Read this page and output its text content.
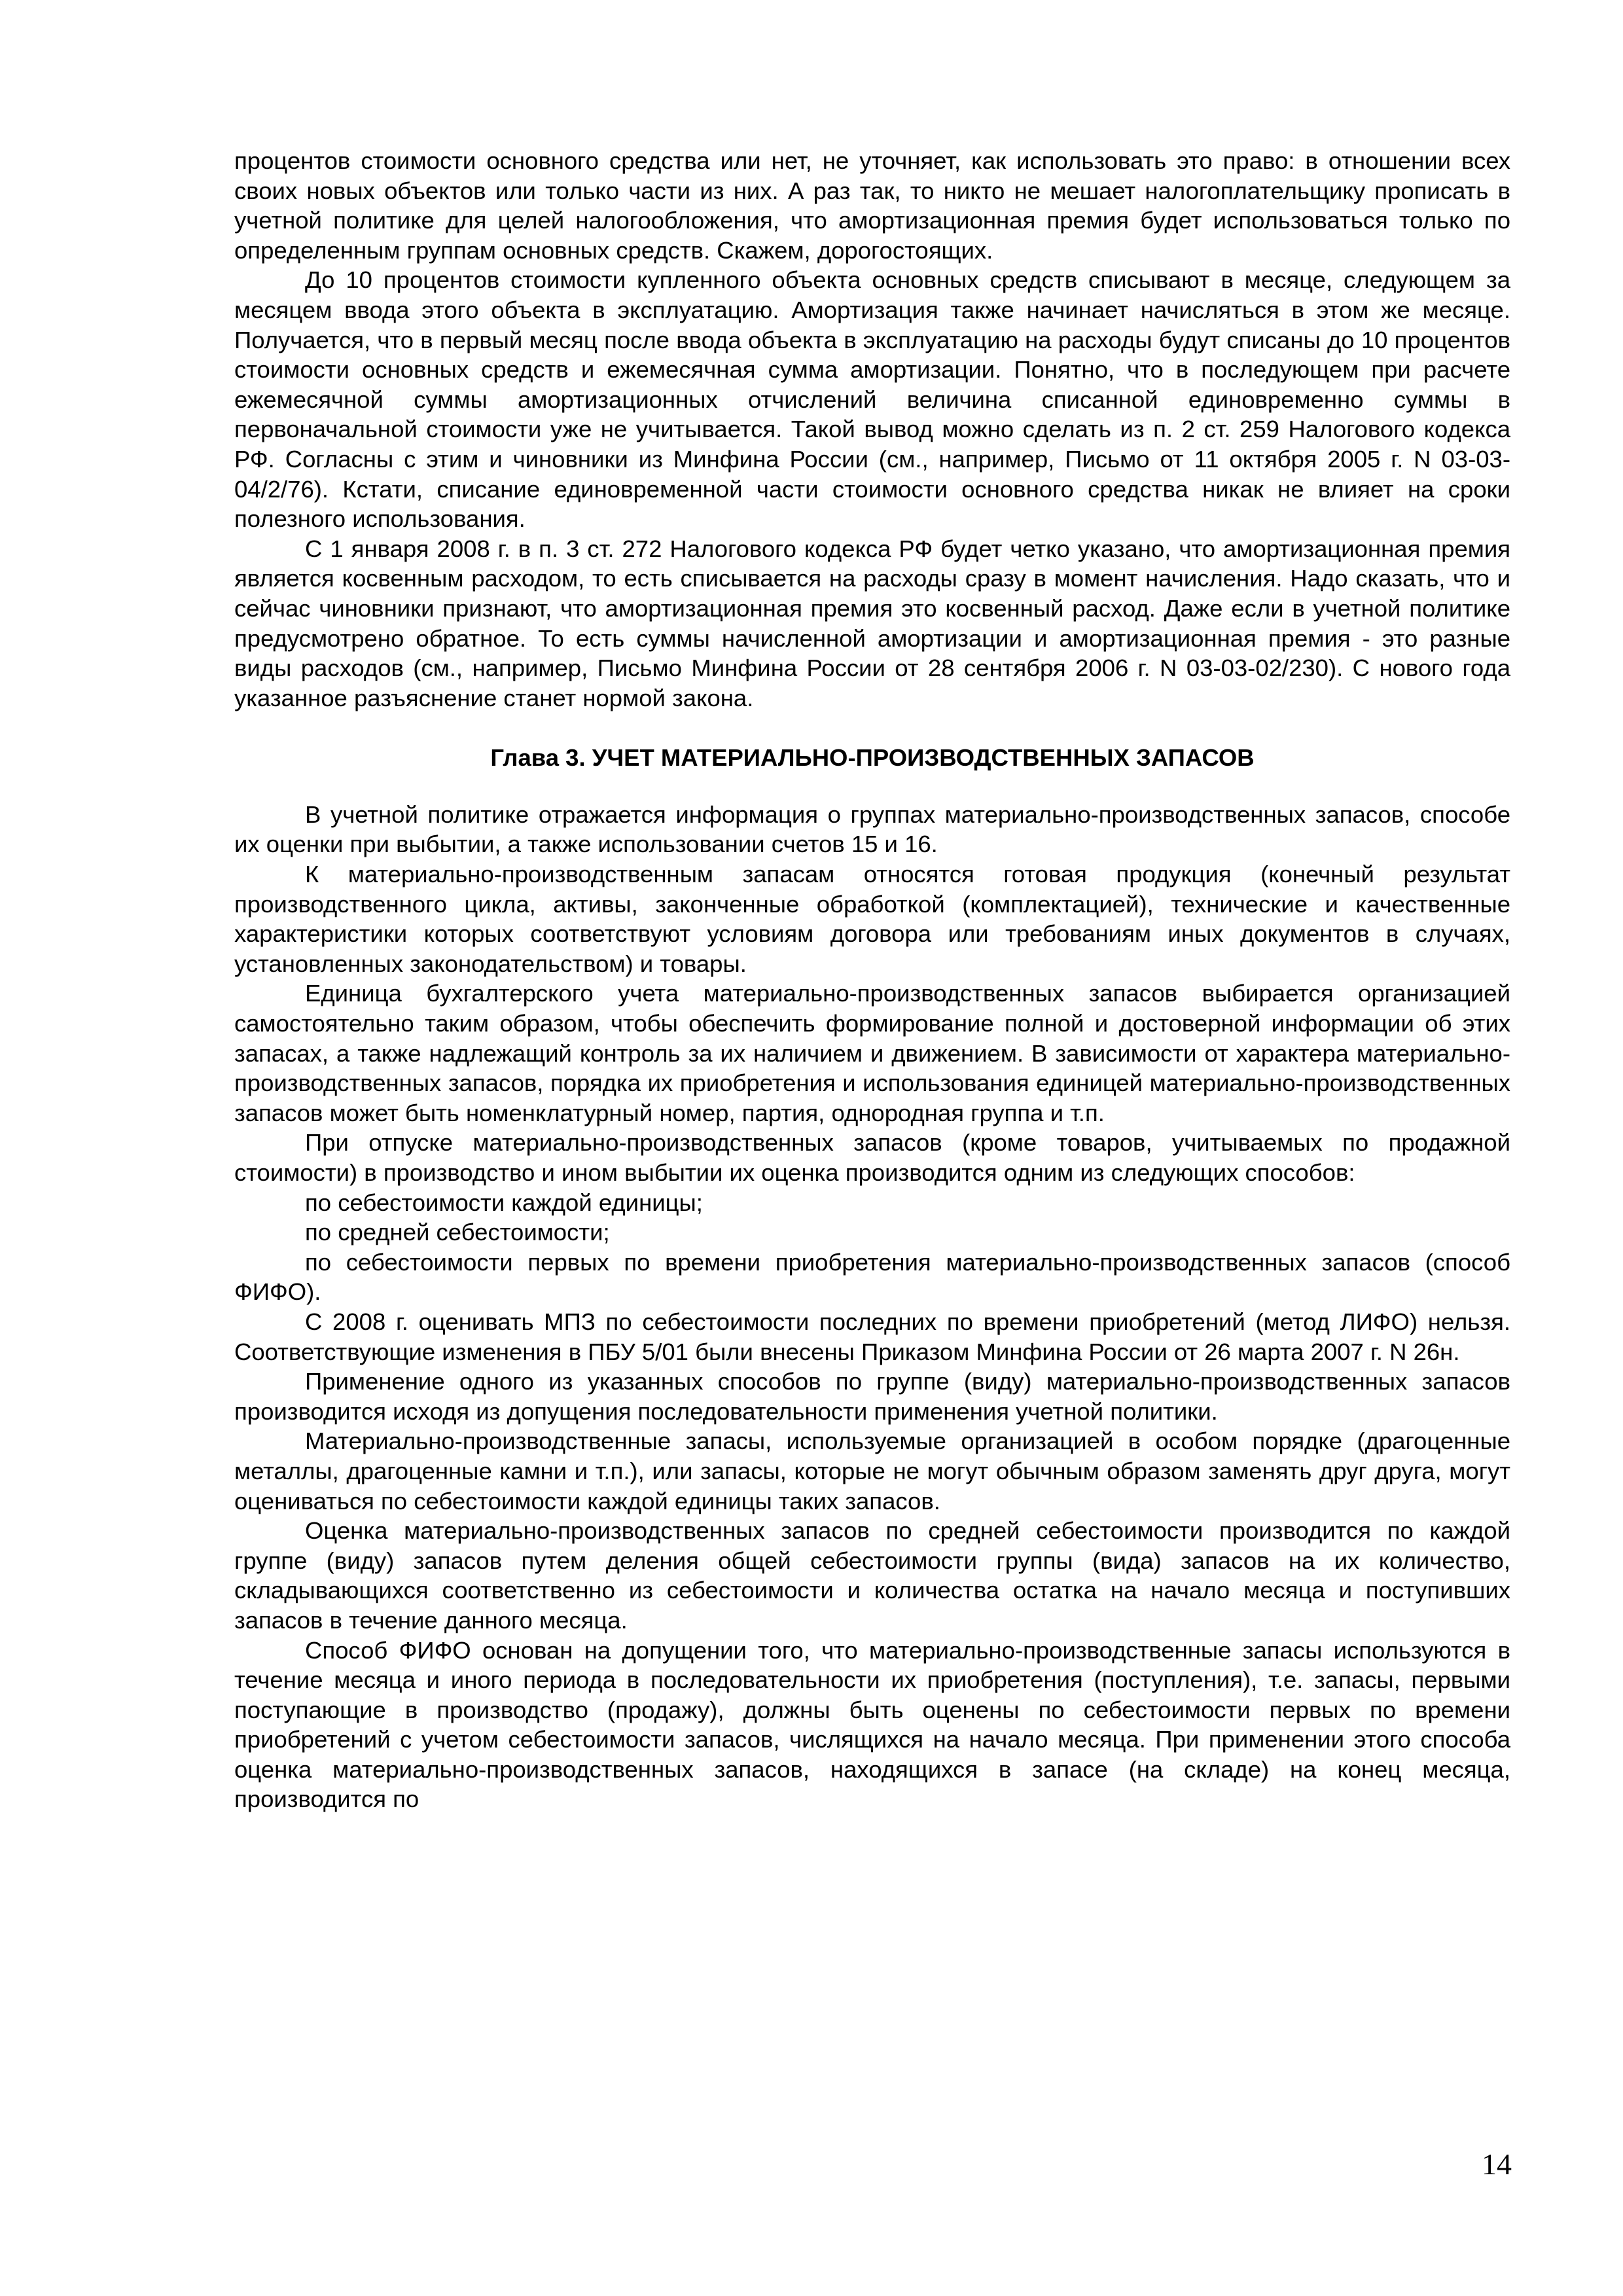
процентов стоимости основного средства или нет, не уточняет, как использовать это право: в отношении всех своих новых объектов или только части из них. А раз так, то никто не мешает налогоплательщику прописать в учетной политике для целей налогообложения, что амортизационная премия будет использоваться только по определенным группам основных средств. Скажем, дорогостоящих.

До 10 процентов стоимости купленного объекта основных средств списывают в месяце, следующем за месяцем ввода этого объекта в эксплуатацию. Амортизация также начинает начисляться в этом же месяце. Получается, что в первый месяц после ввода объекта в эксплуатацию на расходы будут списаны до 10 процентов стоимости основных средств и ежемесячная сумма амортизации. Понятно, что в последующем при расчете ежемесячной суммы амортизационных отчислений величина списанной единовременно суммы в первоначальной стоимости уже не учитывается. Такой вывод можно сделать из п. 2 ст. 259 Налогового кодекса РФ. Согласны с этим и чиновники из Минфина России (см., например, Письмо от 11 октября 2005 г. N 03-03-04/2/76). Кстати, списание единовременной части стоимости основного средства никак не влияет на сроки полезного использования.

С 1 января 2008 г. в п. 3 ст. 272 Налогового кодекса РФ будет четко указано, что амортизационная премия является косвенным расходом, то есть списывается на расходы сразу в момент начисления. Надо сказать, что и сейчас чиновники признают, что амортизационная премия это косвенный расход. Даже если в учетной политике предусмотрено обратное. То есть суммы начисленной амортизации и амортизационная премия - это разные виды расходов (см., например, Письмо Минфина России от 28 сентября 2006 г. N 03-03-02/230). С нового года указанное разъяснение станет нормой закона.

Глава 3. УЧЕТ МАТЕРИАЛЬНО-ПРОИЗВОДСТВЕННЫХ ЗАПАСОВ

В учетной политике отражается информация о группах материально-производственных запасов, способе их оценки при выбытии, а также использовании счетов 15 и 16.

К материально-производственным запасам относятся готовая продукция (конечный результат производственного цикла, активы, законченные обработкой (комплектацией), технические и качественные характеристики которых соответствуют условиям договора или требованиям иных документов в случаях, установленных законодательством) и товары.

Единица бухгалтерского учета материально-производственных запасов выбирается организацией самостоятельно таким образом, чтобы обеспечить формирование полной и достоверной информации об этих запасах, а также надлежащий контроль за их наличием и движением. В зависимости от характера материально-производственных запасов, порядка их приобретения и использования единицей материально-производственных запасов может быть номенклатурный номер, партия, однородная группа и т.п.

При отпуске материально-производственных запасов (кроме товаров, учитываемых по продажной стоимости) в производство и ином выбытии их оценка производится одним из следующих способов:

по себестоимости каждой единицы;

по средней себестоимости;

по себестоимости первых по времени приобретения материально-производственных запасов (способ ФИФО).

С 2008 г. оценивать МПЗ по себестоимости последних по времени приобретений (метод ЛИФО) нельзя. Соответствующие изменения в ПБУ 5/01 были внесены Приказом Минфина России от 26 марта 2007 г. N 26н.

Применение одного из указанных способов по группе (виду) материально-производственных запасов производится исходя из допущения последовательности применения учетной политики.

Материально-производственные запасы, используемые организацией в особом порядке (драгоценные металлы, драгоценные камни и т.п.), или запасы, которые не могут обычным образом заменять друг друга, могут оцениваться по себестоимости каждой единицы таких запасов.

Оценка материально-производственных запасов по средней себестоимости производится по каждой группе (виду) запасов путем деления общей себестоимости группы (вида) запасов на их количество, складывающихся соответственно из себестоимости и количества остатка на начало месяца и поступивших запасов в течение данного месяца.

Способ ФИФО основан на допущении того, что материально-производственные запасы используются в течение месяца и иного периода в последовательности их приобретения (поступления), т.е. запасы, первыми поступающие в производство (продажу), должны быть оценены по себестоимости первых по времени приобретений с учетом себестоимости запасов, числящихся на начало месяца. При применении этого способа оценка материально-производственных запасов, находящихся в запасе (на складе) на конец месяца, производится по

14
